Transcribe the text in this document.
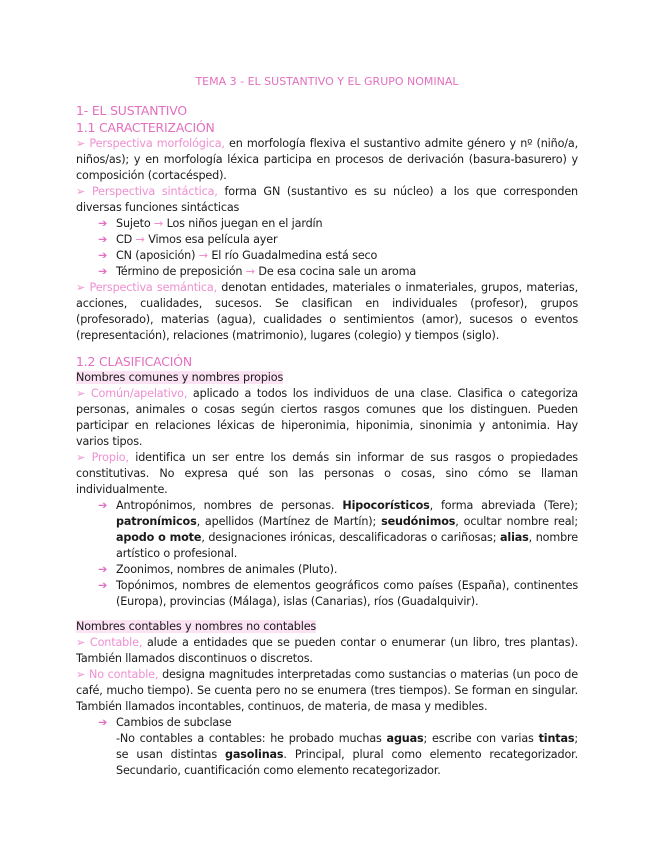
TEMA 3 - EL SUSTANTIVO Y EL GRUPO NOMINAL
1- EL SUSTANTIVO
1.1 CARACTERIZACIÓN
➢ Perspectiva morfológica, en morfología flexiva el sustantivo admite género y nº (niño/a, niños/as); y en morfología léxica participa en procesos de derivación (basura-basurero) y composición (cortacésped).
➢ Perspectiva sintáctica, forma GN (sustantivo es su núcleo) a los que corresponden diversas funciones sintácticas
➔ Sujeto → Los niños juegan en el jardín
➔ CD → Vimos esa película ayer
➔ CN (aposición) → El río Guadalmedina está seco
➔ Término de preposición → De esa cocina sale un aroma
➢ Perspectiva semántica, denotan entidades, materiales o inmateriales, grupos, materias, acciones, cualidades, sucesos. Se clasifican en individuales (profesor), grupos (profesorado), materias (agua), cualidades o sentimientos (amor), sucesos o eventos (representación), relaciones (matrimonio), lugares (colegio) y tiempos (siglo).
1.2 CLASIFICACIÓN
Nombres comunes y nombres propios
➢ Común/apelativo, aplicado a todos los individuos de una clase. Clasifica o categoriza personas, animales o cosas según ciertos rasgos comunes que los distinguen. Pueden participar en relaciones léxicas de hiperonimia, hiponimia, sinonimia y antonimia. Hay varios tipos.
➢ Propio, identifica un ser entre los demás sin informar de sus rasgos o propiedades constitutivas. No expresa qué son las personas o cosas, sino cómo se llaman individualmente.
➔ Antropónimos, nombres de personas. Hipocorísticos, forma abreviada (Tere); patronímicos, apellidos (Martínez de Martín); seudónimos, ocultar nombre real; apodo o mote, designaciones irónicas, descalificadoras o cariñosas; alias, nombre artístico o profesional.
➔ Zoonimos, nombres de animales (Pluto).
➔ Topónimos, nombres de elementos geográficos como países (España), continentes (Europa), provincias (Málaga), islas (Canarias), ríos (Guadalquivir).
Nombres contables y nombres no contables
➢ Contable, alude a entidades que se pueden contar o enumerar (un libro, tres plantas). También llamados discontinuos o discretos.
➢ No contable, designa magnitudes interpretadas como sustancias o materias (un poco de café, mucho tiempo). Se cuenta pero no se enumera (tres tiempos). Se forman en singular. También llamados incontables, continuos, de materia, de masa y medibles.
➔ Cambios de subclase
-No contables a contables: he probado muchas aguas; escribe con varias tintas; se usan distintas gasolinas. Principal, plural como elemento recategorizador. Secundario, cuantificación como elemento recategorizador.
